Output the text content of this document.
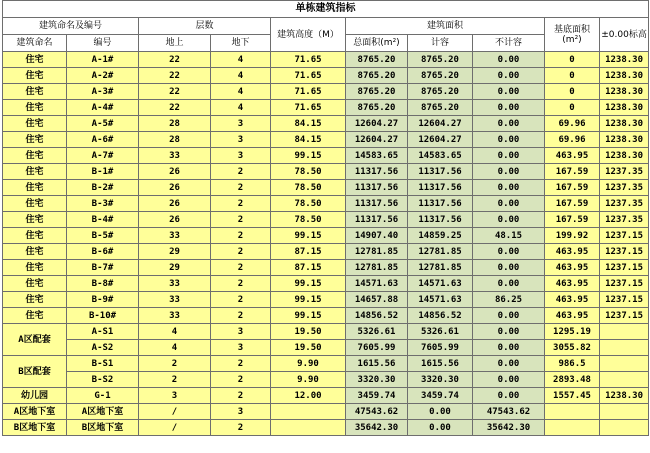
单栋建筑指标									
建筑命名及编号		层数		建筑高度（M）	建筑面积			基底面积
(m²)	±0.00标高
建筑命名	编号	地上	地下		总面积(m²)	计容	不计容		
住宅	A-1#	22	4	71.65	8765.20	8765.20	0.00	0	1238.30
住宅	A-2#	22	4	71.65	8765.20	8765.20	0.00	0	1238.30
住宅	A-3#	22	4	71.65	8765.20	8765.20	0.00	0	1238.30
住宅	A-4#	22	4	71.65	8765.20	8765.20	0.00	0	1238.30
住宅	A-5#	28	3	84.15	12604.27	12604.27	0.00	69.96	1238.30
住宅	A-6#	28	3	84.15	12604.27	12604.27	0.00	69.96	1238.30
住宅	A-7#	33	3	99.15	14583.65	14583.65	0.00	463.95	1238.30
住宅	B-1#	26	2	78.50	11317.56	11317.56	0.00	167.59	1237.35
住宅	B-2#	26	2	78.50	11317.56	11317.56	0.00	167.59	1237.35
住宅	B-3#	26	2	78.50	11317.56	11317.56	0.00	167.59	1237.35
住宅	B-4#	26	2	78.50	11317.56	11317.56	0.00	167.59	1237.35
住宅	B-5#	33	2	99.15	14907.40	14859.25	48.15	199.92	1237.15
住宅	B-6#	29	2	87.15	12781.85	12781.85	0.00	463.95	1237.15
住宅	B-7#	29	2	87.15	12781.85	12781.85	0.00	463.95	1237.15
住宅	B-8#	33	2	99.15	14571.63	14571.63	0.00	463.95	1237.15
住宅	B-9#	33	2	99.15	14657.88	14571.63	86.25	463.95	1237.15
住宅	B-10#	33	2	99.15	14856.52	14856.52	0.00	463.95	1237.15
A区配套	A-S1	4	3	19.50	5326.61	5326.61	0.00	1295.19	
	A-S2	4	3	19.50	7605.99	7605.99	0.00	3055.82	
B区配套	B-S1	2	2	9.90	1615.56	1615.56	0.00	986.5	
	B-S2	2	2	9.90	3320.30	3320.30	0.00	2893.48	
幼儿园	G-1	3	2	12.00	3459.74	3459.74	0.00	1557.45	1238.30
A区地下室	A区地下室	/	3		47543.62	0.00	47543.62		
B区地下室	B区地下室	/	2		35642.30	0.00	35642.30		
